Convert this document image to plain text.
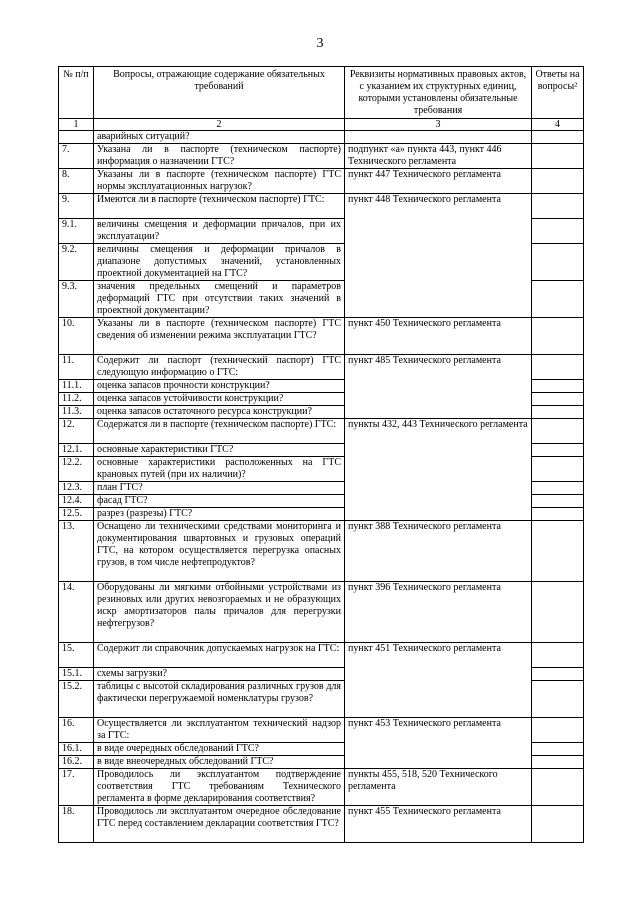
3
№ п/п	Вопросы, отражающие содержание обязательных требований	Реквизиты нормативных правовых актов, с указанием их структурных единиц, которыми установлены обязательные требования	Ответы на вопросы²
1	2	3	4
	аварийных ситуаций?		
7.	Указана ли в паспорте (техническом паспорте) информация о назначении ГТС?	подпункт «а» пункта 443, пункт 446 Технического регламента	
8.	Указаны ли в паспорте (техническом паспорте) ГТС нормы эксплуатационных нагрузок?	пункт 447 Технического регламента	
9.	Имеются ли в паспорте (техническом паспорте) ГТС:	пункт 448 Технического регламента	
9.1.	величины смещения и деформации причалов, при их эксплуатации?		
9.2.	величины смещения и деформации причалов в диапазоне допустимых значений, установленных проектной документацией на ГТС?		
9.3.	значения предельных смещений и параметров деформаций ГТС при отсутствии таких значений в проектной документации?		
10.	Указаны ли в паспорте (техническом паспорте) ГТС сведения об изменении режима эксплуатации ГТС?	пункт 450 Технического регламента	
11.	Содержит ли паспорт (технический паспорт) ГТС следующую информацию о ГТС:	пункт 485 Технического регламента	
11.1.	оценка запасов прочности конструкции?		
11.2.	оценка запасов устойчивости конструкции?		
11.3.	оценка запасов остаточного ресурса конструкции?		
12.	Содержатся ли в паспорте (техническом паспорте) ГТС:	пункты 432, 443 Технического регламента	
12.1.	основные характеристики ГТС?		
12.2.	основные характеристики расположенных на ГТС крановых путей (при их наличии)?		
12.3.	план ГТС?		
12.4.	фасад ГТС?		
12.5.	разрез (разрезы) ГТС?		
13.	Оснащено ли техническими средствами мониторинга и документирования швартовных и грузовых операций ГТС, на котором осуществляется перегрузка опасных грузов, в том числе нефтепродуктов?	пункт 388 Технического регламента	
14.	Оборудованы ли мягкими отбойными устройствами из резиновых или других невозгораемых и не образующих искр амортизаторов палы причалов для перегрузки нефтегрузов?	пункт 396 Технического регламента	
15.	Содержит ли справочник допускаемых нагрузок на ГТС:	пункт 451 Технического регламента	
15.1.	схемы загрузки?		
15.2.	таблицы с высотой складирования различных грузов для фактически перегружаемой номенклатуры грузов?		
16.	Осуществляется ли эксплуатантом технический надзор за ГТС:	пункт 453 Технического регламента	
16.1.	в виде очередных обследований ГТС?		
16.2.	в виде внеочередных обследований ГТС?		
17.	Проводилось ли эксплуатантом подтверждение соответствия ГТС требованиям Технического регламента в форме декларирования соответствия?	пункты 455, 518, 520 Технического регламента	
18.	Проводилось ли эксплуатантом очередное обследование ГТС перед составлением декларации соответствия ГТС?	пункт 455 Технического регламента	
